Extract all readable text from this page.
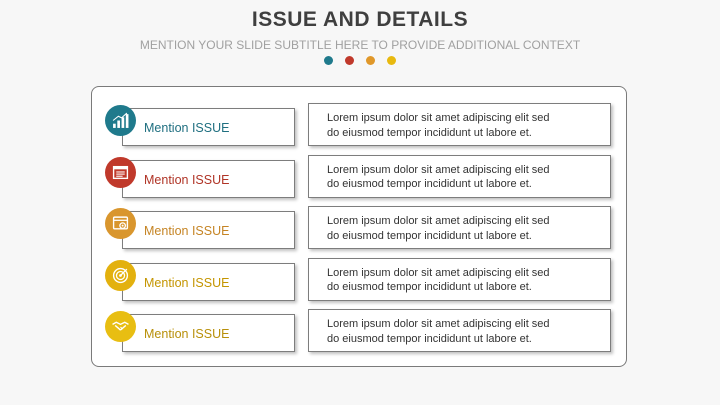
ISSUE AND DETAILS
MENTION YOUR SLIDE SUBTITLE HERE TO PROVIDE ADDITIONAL CONTEXT

Mention ISSUE
Lorem ipsum dolor sit amet adipiscing elit sed
do eiusmod tempor incididunt ut labore et.
Mention ISSUE
Lorem ipsum dolor sit amet adipiscing elit sed
do eiusmod tempor incididunt ut labore et.
Mention ISSUE
Lorem ipsum dolor sit amet adipiscing elit sed
do eiusmod tempor incididunt ut labore et.
Mention ISSUE
Lorem ipsum dolor sit amet adipiscing elit sed
do eiusmod tempor incididunt ut labore et.
Mention ISSUE
Lorem ipsum dolor sit amet adipiscing elit sed
do eiusmod tempor incididunt ut labore et.
